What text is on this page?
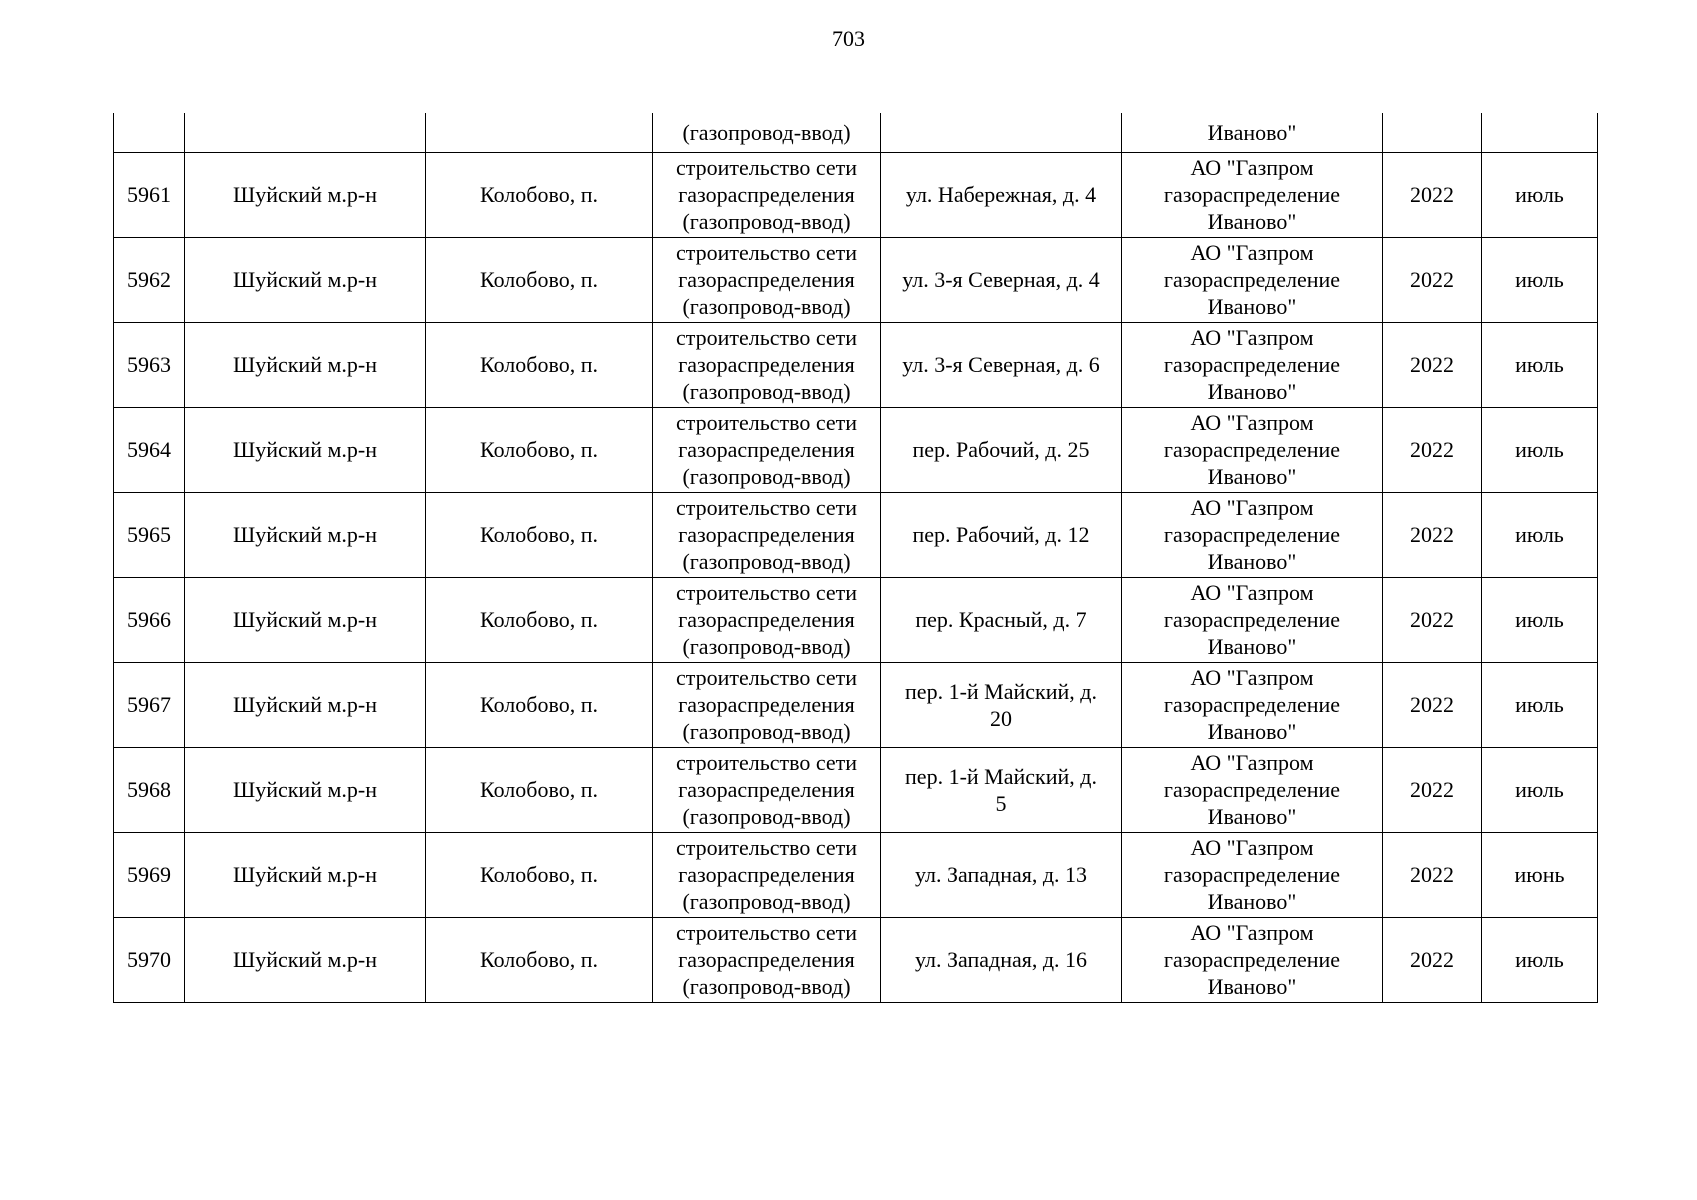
703
			(газопровод-ввод)		Иваново"		
5961	Шуйский м.р-н	Колобово, п.	строительство сети
газораспределения
(газопровод-ввод)	ул. Набережная, д. 4	АО "Газпром
газораспределение
Иваново"	2022	июль
5962	Шуйский м.р-н	Колобово, п.	строительство сети
газораспределения
(газопровод-ввод)	ул. 3-я Северная, д. 4	АО "Газпром
газораспределение
Иваново"	2022	июль
5963	Шуйский м.р-н	Колобово, п.	строительство сети
газораспределения
(газопровод-ввод)	ул. 3-я Северная, д. 6	АО "Газпром
газораспределение
Иваново"	2022	июль
5964	Шуйский м.р-н	Колобово, п.	строительство сети
газораспределения
(газопровод-ввод)	пер. Рабочий, д. 25	АО "Газпром
газораспределение
Иваново"	2022	июль
5965	Шуйский м.р-н	Колобово, п.	строительство сети
газораспределения
(газопровод-ввод)	пер. Рабочий, д. 12	АО "Газпром
газораспределение
Иваново"	2022	июль
5966	Шуйский м.р-н	Колобово, п.	строительство сети
газораспределения
(газопровод-ввод)	пер. Красный, д. 7	АО "Газпром
газораспределение
Иваново"	2022	июль
5967	Шуйский м.р-н	Колобово, п.	строительство сети
газораспределения
(газопровод-ввод)	пер. 1-й Майский, д.
20	АО "Газпром
газораспределение
Иваново"	2022	июль
5968	Шуйский м.р-н	Колобово, п.	строительство сети
газораспределения
(газопровод-ввод)	пер. 1-й Майский, д.
5	АО "Газпром
газораспределение
Иваново"	2022	июль
5969	Шуйский м.р-н	Колобово, п.	строительство сети
газораспределения
(газопровод-ввод)	ул. Западная, д. 13	АО "Газпром
газораспределение
Иваново"	2022	июнь
5970	Шуйский м.р-н	Колобово, п.	строительство сети
газораспределения
(газопровод-ввод)	ул. Западная, д. 16	АО "Газпром
газораспределение
Иваново"	2022	июль
